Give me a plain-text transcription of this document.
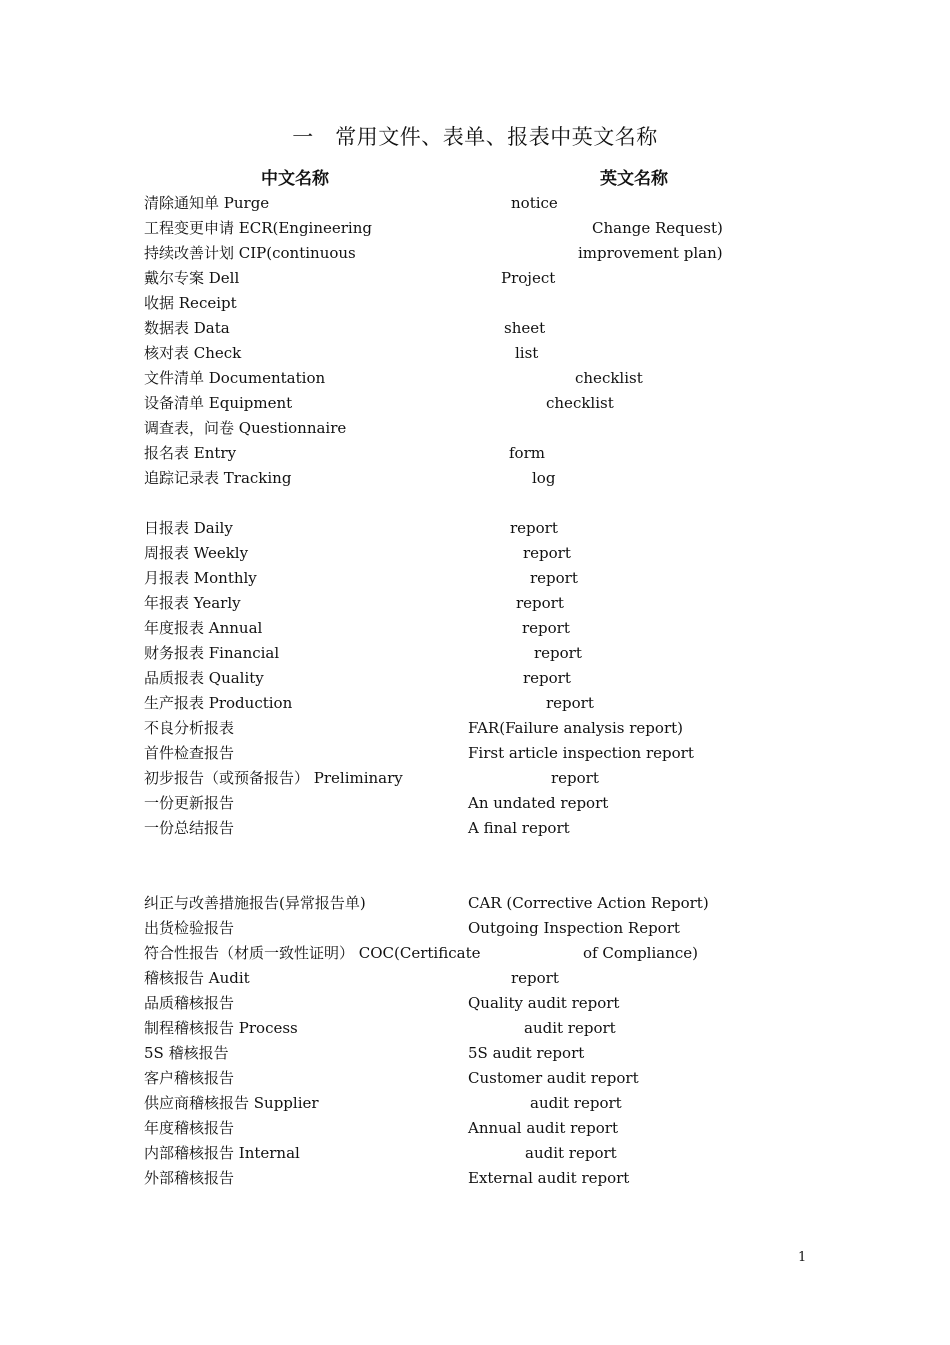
一　常用文件、表单、报表中英文名称
中文名称	英文名称
清除通知单 Purge	notice
工程变更申请 ECR(Engineering	Change Request)
持续改善计划 CIP(continuous	improvement plan)
戴尔专案 Dell	Project
收据 Receipt
数据表 Data	sheet
核对表 Check	list
文件清单 Documentation	checklist
设备清单 Equipment	checklist
调查表，问卷 Questionnaire
报名表 Entry	form
追踪记录表 Tracking	log
日报表 Daily	report
周报表 Weekly	report
月报表 Monthly	report
年报表 Yearly	report
年度报表 Annual	report
财务报表 Financial	report
品质报表 Quality	report
生产报表 Production	report
不良分析报表	FAR(Failure analysis report)
首件检查报告	First article inspection report
初步报告（或预备报告） Preliminary	report
一份更新报告	An undated report
一份总结报告	A final report
纠正与改善措施报告(异常报告单)	CAR (Corrective Action Report)
出货检验报告	Outgoing Inspection Report
符合性报告（材质一致性证明） COC(Certificate	of Compliance)
稽核报告 Audit	report
品质稽核报告	Quality audit report
制程稽核报告 Process	audit report
5S 稽核报告	5S audit report
客户稽核报告	Customer audit report
供应商稽核报告 Supplier	audit report
年度稽核报告	Annual audit report
内部稽核报告 Internal	audit report
外部稽核报告	External audit report
1
